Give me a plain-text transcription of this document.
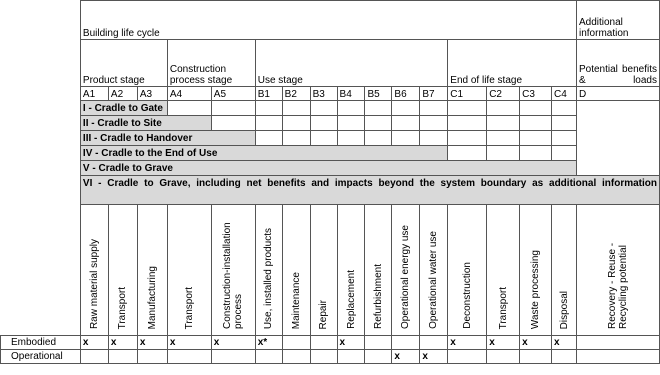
	Building life cycle																Additional information
	Product stage			Construction process stage		Use stage							End of life stage				Potential benefits & loads
	A1	A2	A3	A4	A5	B1	B2	B3	B4	B5	B6	B7	C1	C2	C3	C4	D
	I - Cradle to Gate																
	II - Cradle to Site																
	III - Cradle to Handover																
	IV - Cradle to the End of Use																
	V - Cradle to Grave																
	VI - Cradle to Grave, including net benefits and impacts beyond the system boundary as additional information																
	Raw material supply	Transport	Manufacturing	Transport	Construction-installation process	Use, installed products	Maintenance	Repair	Replacement	Refurbishment	Operational energy use	Operational water use	Deconstruction	Transport	Waste processing	Disposal	Recovery - Reuse - Recycling potential
Embodied	x	x	x	x	x	x*			x				x	x	x	x	
Operational											x	x					
